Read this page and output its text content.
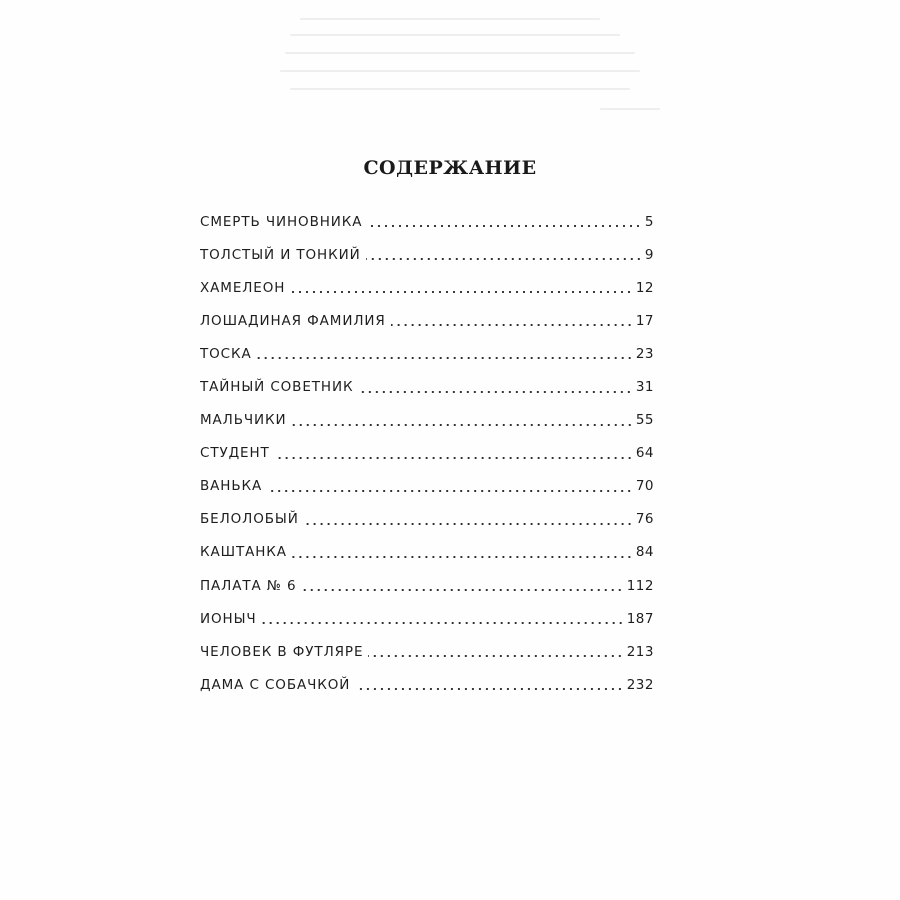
СОДЕРЖАНИЕ
СМЕРТЬ ЧИНОВНИКА	5
ТОЛСТЫЙ И ТОНКИЙ	9
ХАМЕЛЕОН	12
ЛОШАДИНАЯ ФАМИЛИЯ	17
ТОСКА	23
ТАЙНЫЙ СОВЕТНИК	31
МАЛЬЧИКИ	55
СТУДЕНТ	64
ВАНЬКА	70
БЕЛОЛОБЫЙ	76
КАШТАНКА	84
ПАЛАТА № 6	112
ИОНЫЧ	187
ЧЕЛОВЕК В ФУТЛЯРЕ	213
ДАМА С СОБАЧКОЙ	232
